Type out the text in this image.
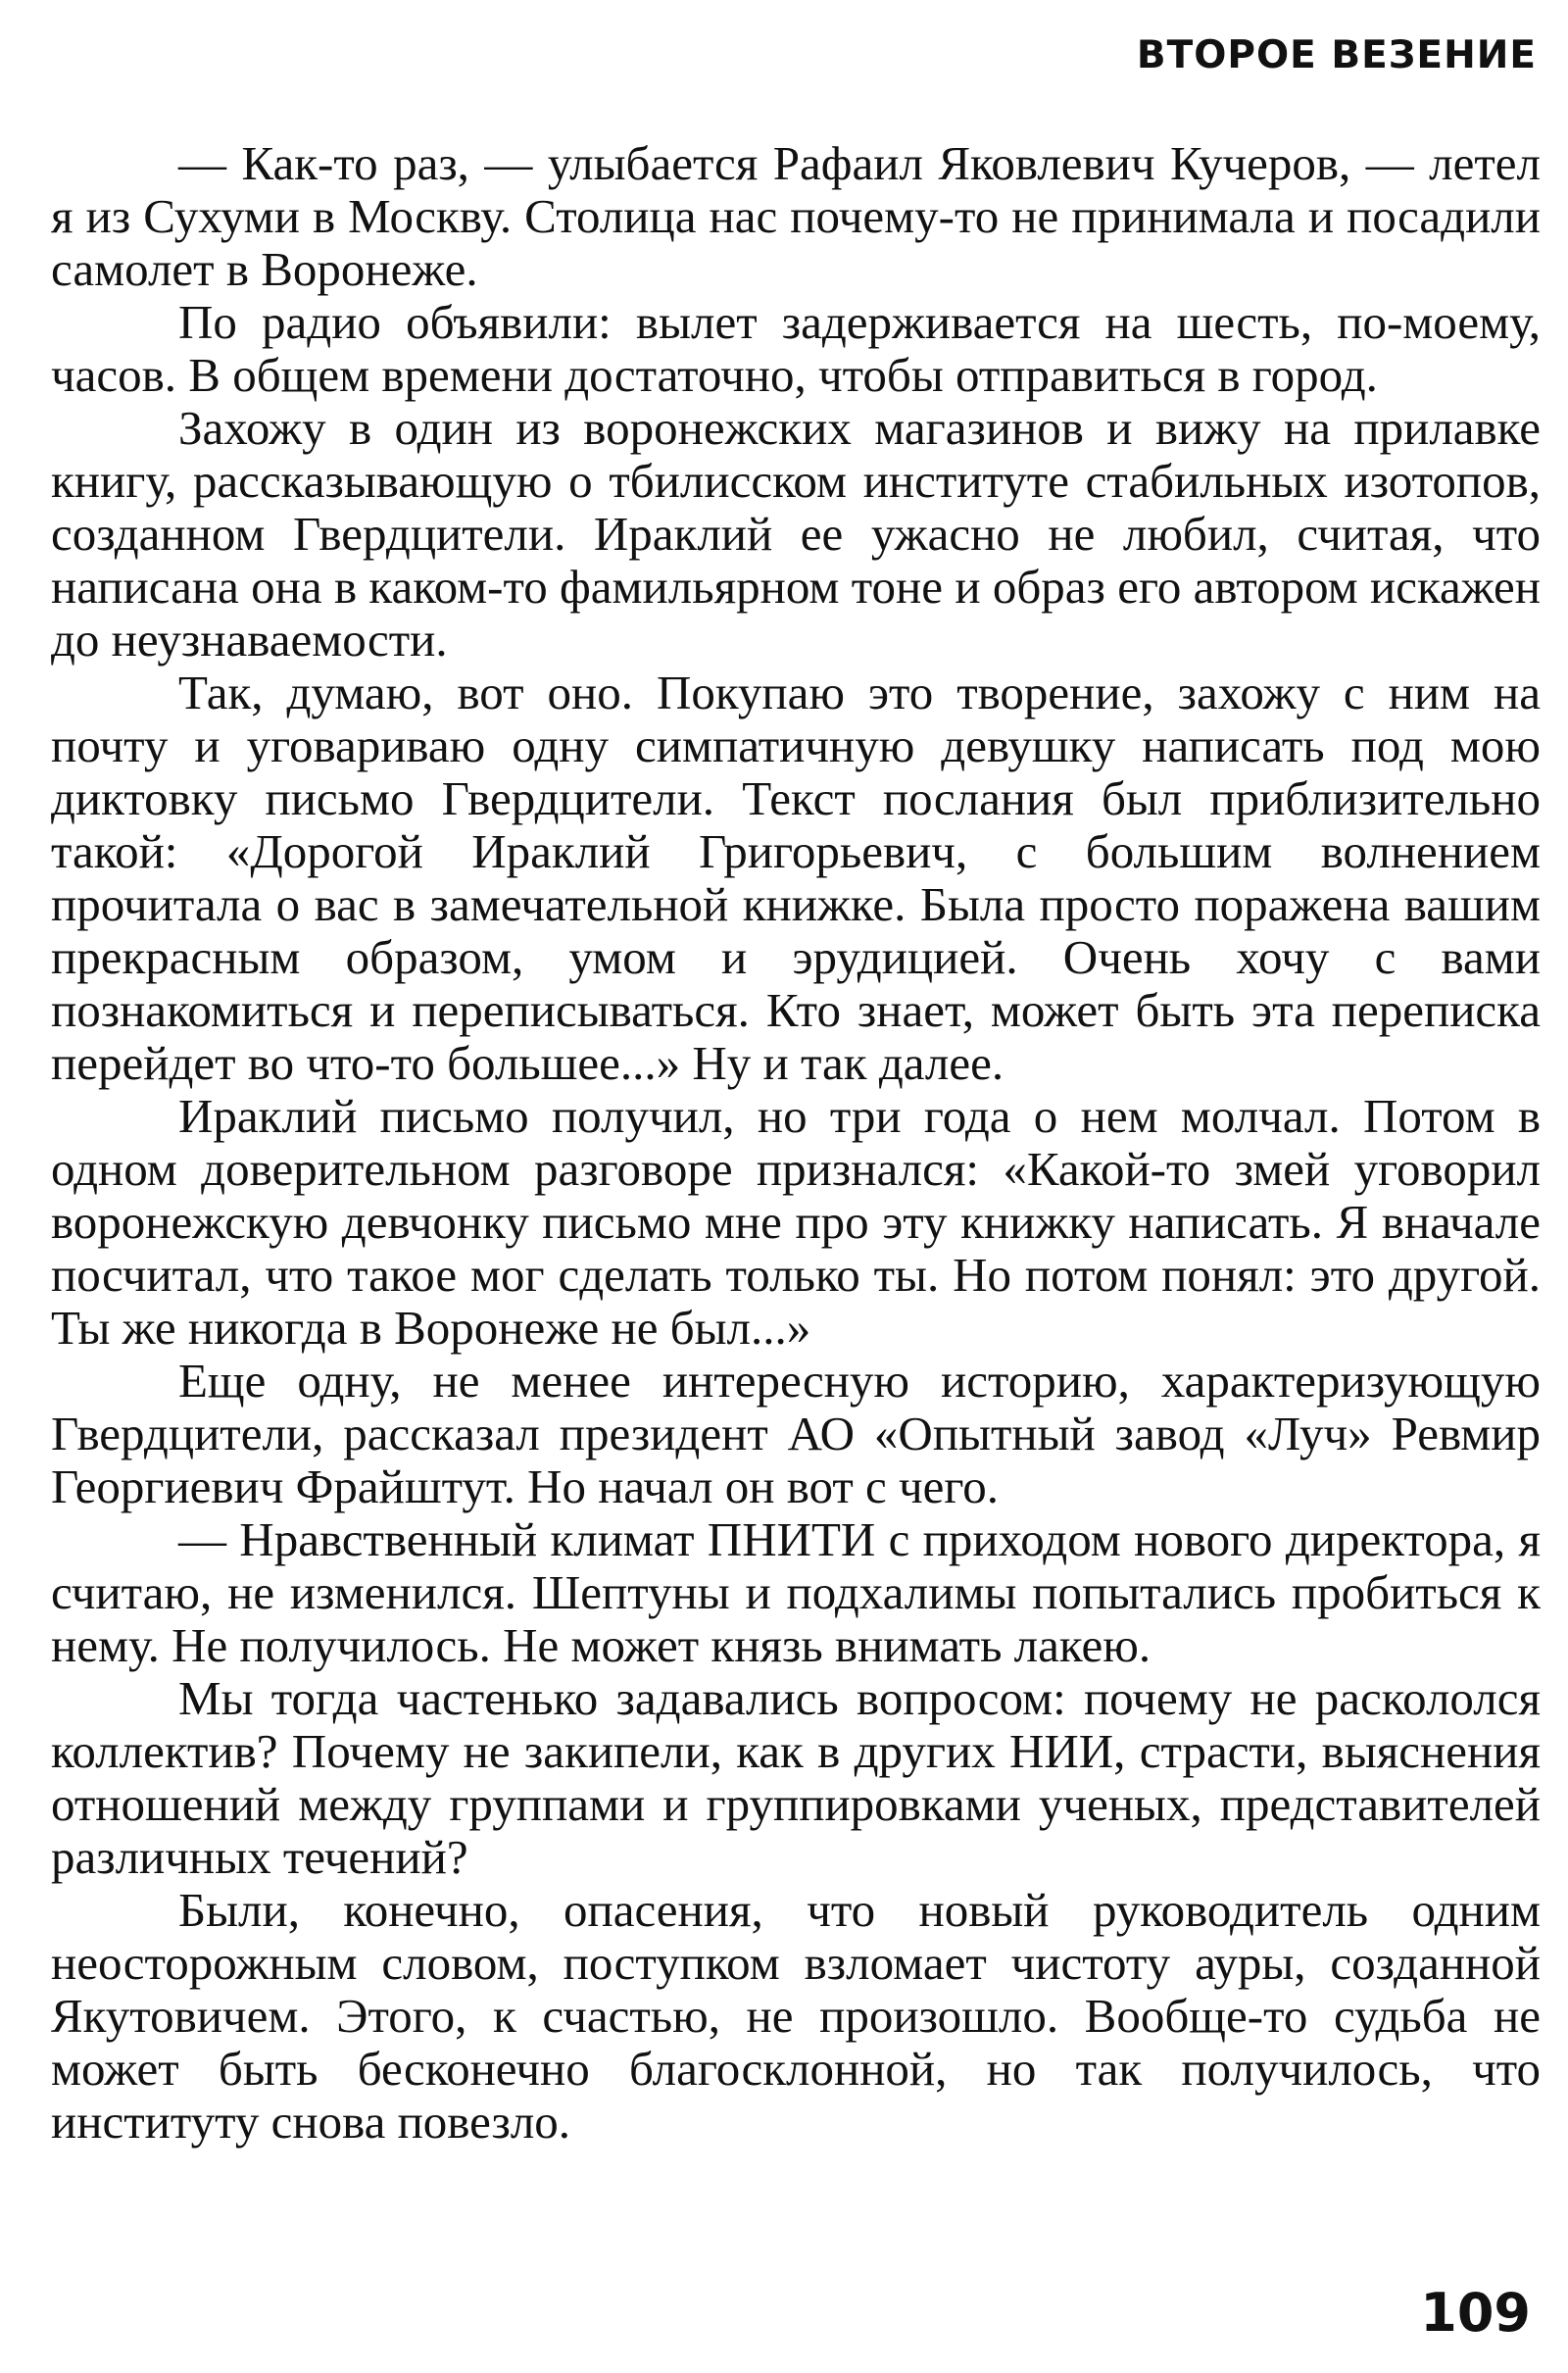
ВТОРОЕ ВЕЗЕНИЕ

— Как-то раз, — улыбается Рафаил Яковлевич Кучеров, — летел я из Сухуми в Москву. Столица нас почему-то не принимала и посадили самолет в Воронеже.

По радио объявили: вылет задерживается на шесть, по-моему, часов. В общем времени достаточно, чтобы отправиться в город.

Захожу в один из воронежских магазинов и вижу на прилавке книгу, рассказывающую о тбилисском институте стабильных изотопов, созданном Гвердцители. Ираклий ее ужасно не любил, считая, что написана она в каком-то фамильярном тоне и образ его автором искажен до неузнаваемости.

Так, думаю, вот оно. Покупаю это творение, захожу с ним на почту и уговариваю одну симпатичную девушку написать под мою диктовку письмо Гвердцители. Текст послания был приблизительно такой: «Дорогой Ираклий Григорьевич, с большим волнением прочитала о вас в замечательной книжке. Была просто поражена вашим прекрасным образом, умом и эрудицией. Очень хочу с вами познакомиться и переписываться. Кто знает, может быть эта переписка перейдет во что-то большее...» Ну и так далее.

Ираклий письмо получил, но три года о нем молчал. Потом в одном доверительном разговоре признался: «Какой-то змей уговорил воронежскую девчонку письмо мне про эту книжку написать. Я вначале посчитал, что такое мог сделать только ты. Но потом понял: это другой. Ты же никогда в Воронеже не был...»

Еще одну, не менее интересную историю, характеризующую Гвердцители, рассказал президент АО «Опытный завод «Луч» Ревмир Георгиевич Фрайштут. Но начал он вот с чего.

— Нравственный климат ПНИТИ с приходом нового директора, я считаю, не изменился. Шептуны и подхалимы попытались пробиться к нему. Не получилось. Не может князь внимать лакею.

Мы тогда частенько задавались вопросом: почему не раскололся коллектив? Почему не закипели, как в других НИИ, страсти, выяснения отношений между группами и группировками ученых, представителей различных течений?

Были, конечно, опасения, что новый руководитель одним неосторожным словом, поступком взломает чистоту ауры, созданной Якутовичем. Этого, к счастью, не произошло. Вообще-то судьба не может быть бесконечно благосклонной, но так получилось, что институту снова повезло.

109
